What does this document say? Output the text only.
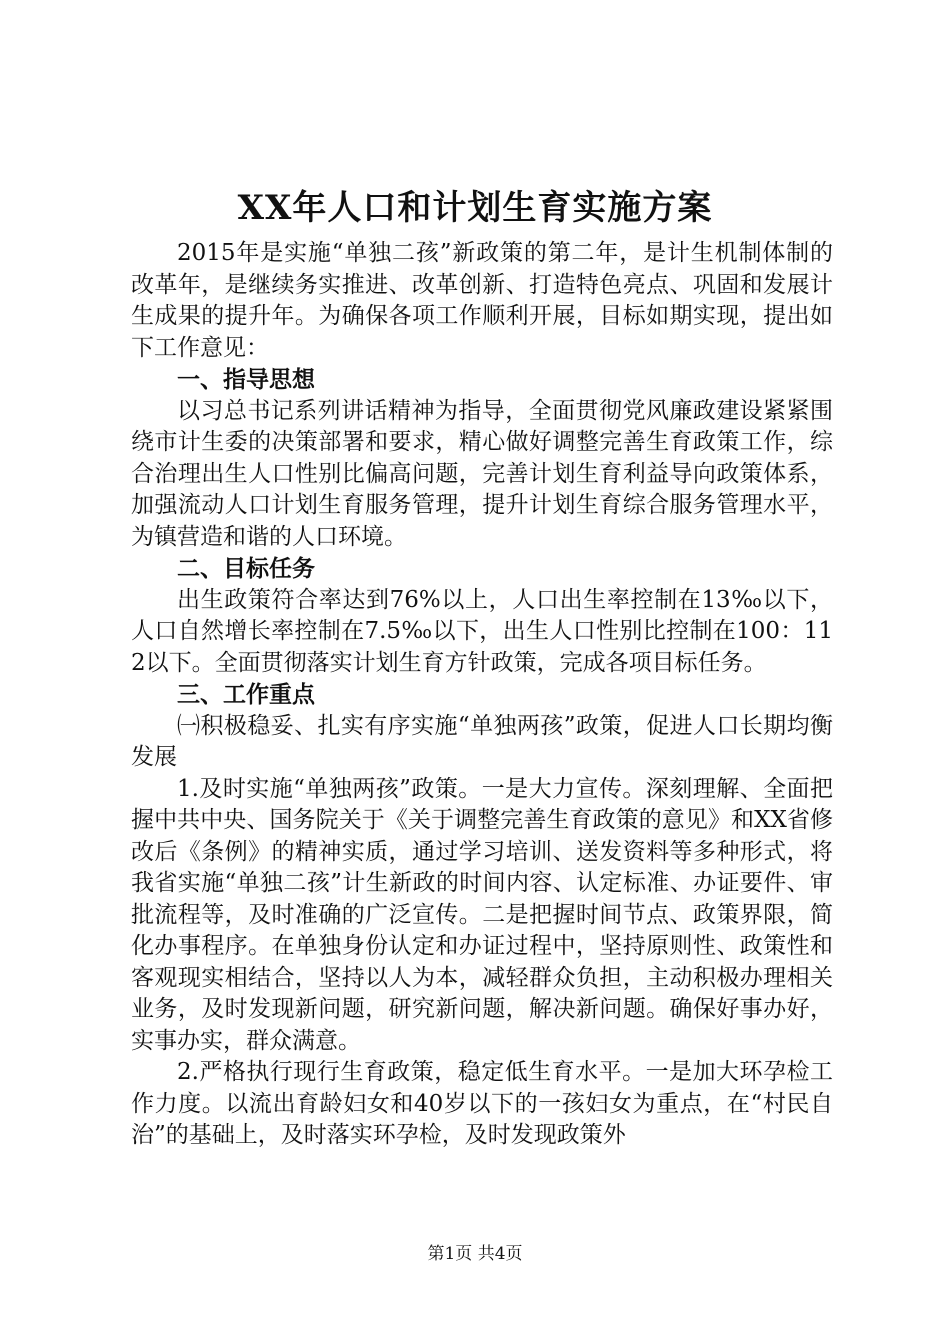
XX年人口和计划生育实施方案

2015年是实施“单独二孩”新政策的第二年，是计生机制体制的改革年，是继续务实推进、改革创新、打造特色亮点、巩固和发展计生成果的提升年。为确保各项工作顺利开展，目标如期实现，提出如下工作意见：

一、指导思想

以习总书记系列讲话精神为指导，全面贯彻党风廉政建设紧紧围绕市计生委的决策部署和要求，精心做好调整完善生育政策工作，综合治理出生人口性别比偏高问题，完善计划生育利益导向政策体系，加强流动人口计划生育服务管理，提升计划生育综合服务管理水平，为镇营造和谐的人口环境。

二、目标任务

出生政策符合率达到76%以上，人口出生率控制在13‰以下，人口自然增长率控制在7.5‰以下，出生人口性别比控制在100：112以下。全面贯彻落实计划生育方针政策，完成各项目标任务。

三、工作重点

㈠积极稳妥、扎实有序实施“单独两孩”政策，促进人口长期均衡发展

1.及时实施“单独两孩”政策。一是大力宣传。深刻理解、全面把握中共中央、国务院关于《关于调整完善生育政策的意见》和XX省修改后《条例》的精神实质，通过学习培训、送发资料等多种形式，将我省实施“单独二孩”计生新政的时间内容、认定标准、办证要件、审批流程等，及时准确的广泛宣传。二是把握时间节点、政策界限，简化办事程序。在单独身份认定和办证过程中，坚持原则性、政策性和客观现实相结合，坚持以人为本，减轻群众负担，主动积极办理相关业务，及时发现新问题，研究新问题，解决新问题。确保好事办好，实事办实，群众满意。

2.严格执行现行生育政策，稳定低生育水平。一是加大环孕检工作力度。以流出育龄妇女和40岁以下的一孩妇女为重点，在“村民自治”的基础上，及时落实环孕检，及时发现政策外

第1页 共4页
